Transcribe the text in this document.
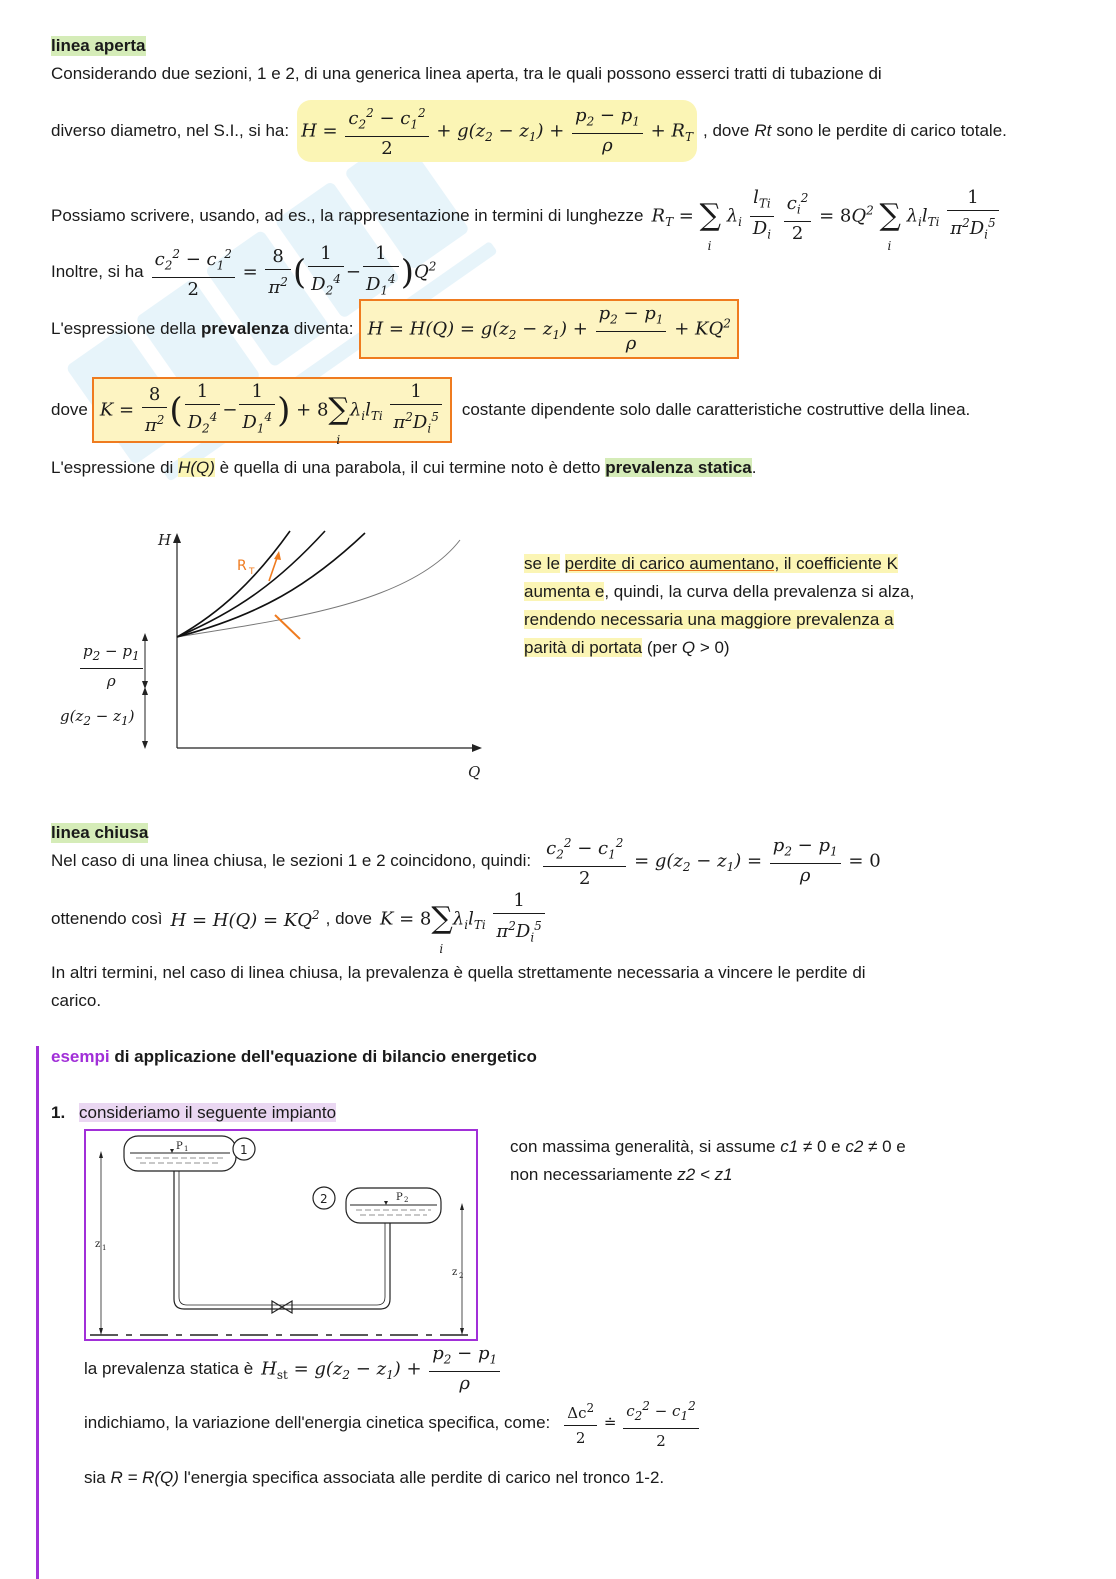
linea aperta
Considerando due sezioni, 1 e 2, di una generica linea aperta, tra le quali possono esserci tratti di tubazione di
diverso diametro, nel S.I., si ha: $H = \frac{c_2^2 - c_1^2}{2} + g(z_2 - z_1) + \frac{p_2 - p_1}{\rho} + R_T$ , dove Rt sono le perdite di carico totale.
Possiamo scrivere, usando, ad es., la rappresentazione in termini di lunghezze $R_T$ = ∑
i
$\lambda_i \frac{l_{Ti}}{D_i}$
$\frac{c_i^2}{2} = 8Q^2$ ∑
i
$\lambda_il_{Ti} \frac{1}{\pi^2D_i^5}$
Inoltre, si ha $\frac{c_2^2 - c_1^2}{2} = \frac{8}{\pi^2}$ ( $\frac{1}{D_2^4} - \frac{1}{D_1^4} )Q^2$
L'espressione della prevalenza diventa: $H = H(Q) = g(z_2 - z_1) + \frac{p_2 - p_1}{\rho} + KQ^2$
dove $K = \frac{8}{\pi^2}$ ( $\frac{1}{D_2^4} - \frac{1}{D_1^4}$ ) + 8∑
i
$\lambda_il_{Ti} \frac{1}{\pi^2D_i^5}$ costante dipendente solo dalle caratteristiche costruttive della linea.
L'espressione di H(Q) è quella di una parabola, il cui termine noto è detto prevalenza statica.
H
Q
R T
$\frac{p_2 - p_1}{\rho}$
$g(z_2 - z_1)$
se le perdite di carico aumentano, il coefficiente K
aumenta e, quindi, la curva della prevalenza si alza,
rendendo necessaria una maggiore prevalenza a
parità di portata (per Q > 0)
linea chiusa
Nel caso di una linea chiusa, le sezioni 1 e 2 coincidono, quindi: $\frac{c_2^2 - c_1^2}{2} = g(z_2 - z_1) = \frac{p_2 - p_1}{\rho} = 0$
ottenendo così $H = H(Q) = KQ^2$ , dove K = 8∑
i
$\lambda_il_{Ti} \frac{1}{\pi^2D_i^5}$
In altri termini, nel caso di linea chiusa, la prevalenza è quella strettamente necessaria a vincere le perdite di
carico.
esempi di applicazione dell'equazione di bilancio energetico
1. consideriamo il seguente impianto
P 1	1
P 2
2
z 1
z 2
con massima generalità, si assume c1 ≠ 0 e c2 ≠ 0 e
non necessariamente z2 < z1
la prevalenza statica è $H_{st} = g(z_2 - z_1) + \frac{p_2 - p_1}{\rho}$
indichiamo, la variazione dell'energia cinetica specifica, come: $\frac{\Delta c^2}{2}$ ≐ $\frac{c_2^2 - c_1^2}{2}$
sia R = R(Q) l'energia specifica associata alle perdite di carico nel tronco 1-2.
